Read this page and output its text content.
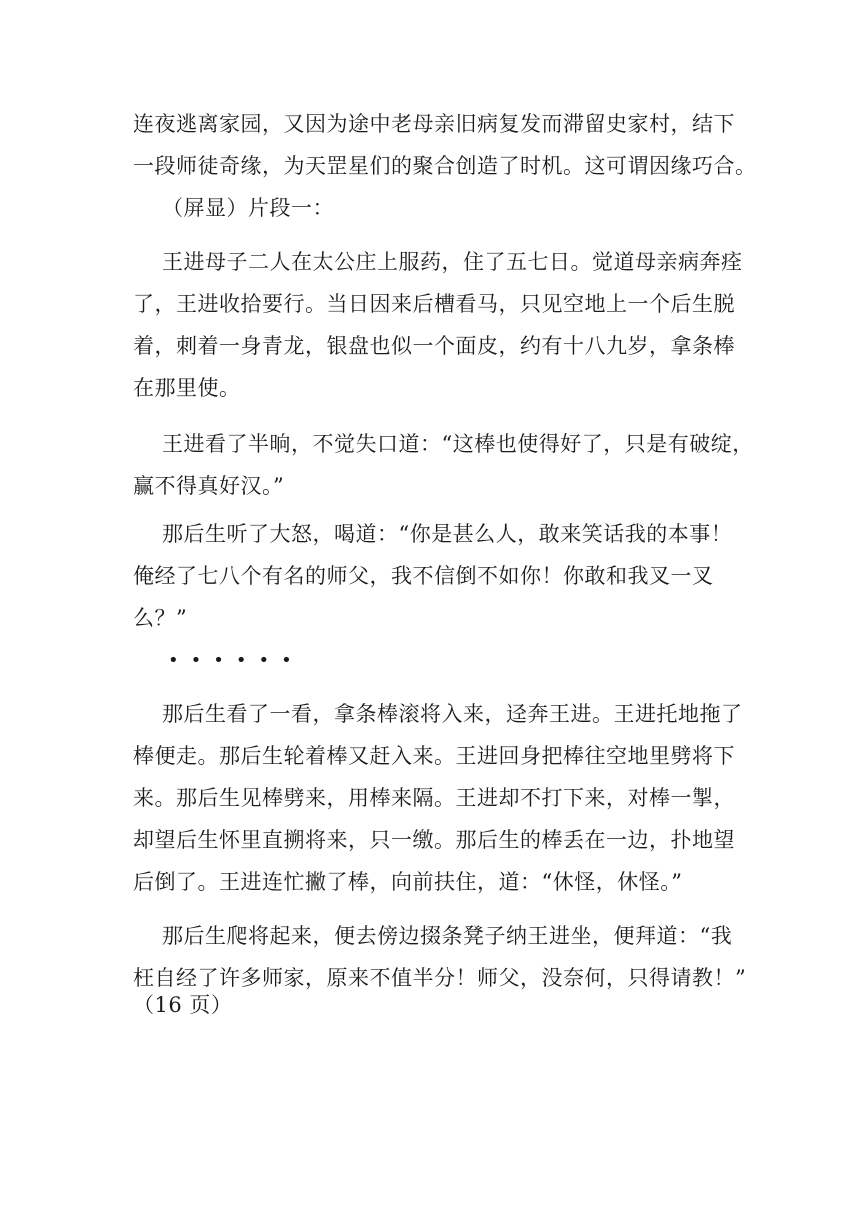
连夜逃离家园，又因为途中老母亲旧病复发而滞留史家村，结下
一段师徒奇缘，为天罡星们的聚合创造了时机。这可谓因缘巧合。
（屏显）片段一：
王进母子二人在太公庄上服药，住了五七日。觉道母亲病奔痊
了，王进收拾要行。当日因来后槽看马，只见空地上一个后生脱
着，刺着一身青龙，银盘也似一个面皮，约有十八九岁，拿条棒
在那里使。
王进看了半晌，不觉失口道：“这棒也使得好了，只是有破绽，
赢不得真好汉。”
那后生听了大怒，喝道：“你是甚么人，敢来笑话我的本事！
俺经了七八个有名的师父，我不信倒不如你！你敢和我叉一叉
么？”
••••••
那后生看了一看，拿条棒滚将入来，迳奔王进。王进托地拖了
棒便走。那后生轮着棒又赶入来。王进回身把棒往空地里劈将下
来。那后生见棒劈来，用棒来隔。王进却不打下来，对棒一掣，
却望后生怀里直搠将来，只一缴。那后生的棒丢在一边，扑地望
后倒了。王进连忙撇了棒，向前扶住，道：“休怪，休怪。”
那后生爬将起来，便去傍边掇条凳子纳王进坐，便拜道：“我
枉自经了许多师家，原来不值半分！师父，没奈何，只得请教！”
（16 页）
